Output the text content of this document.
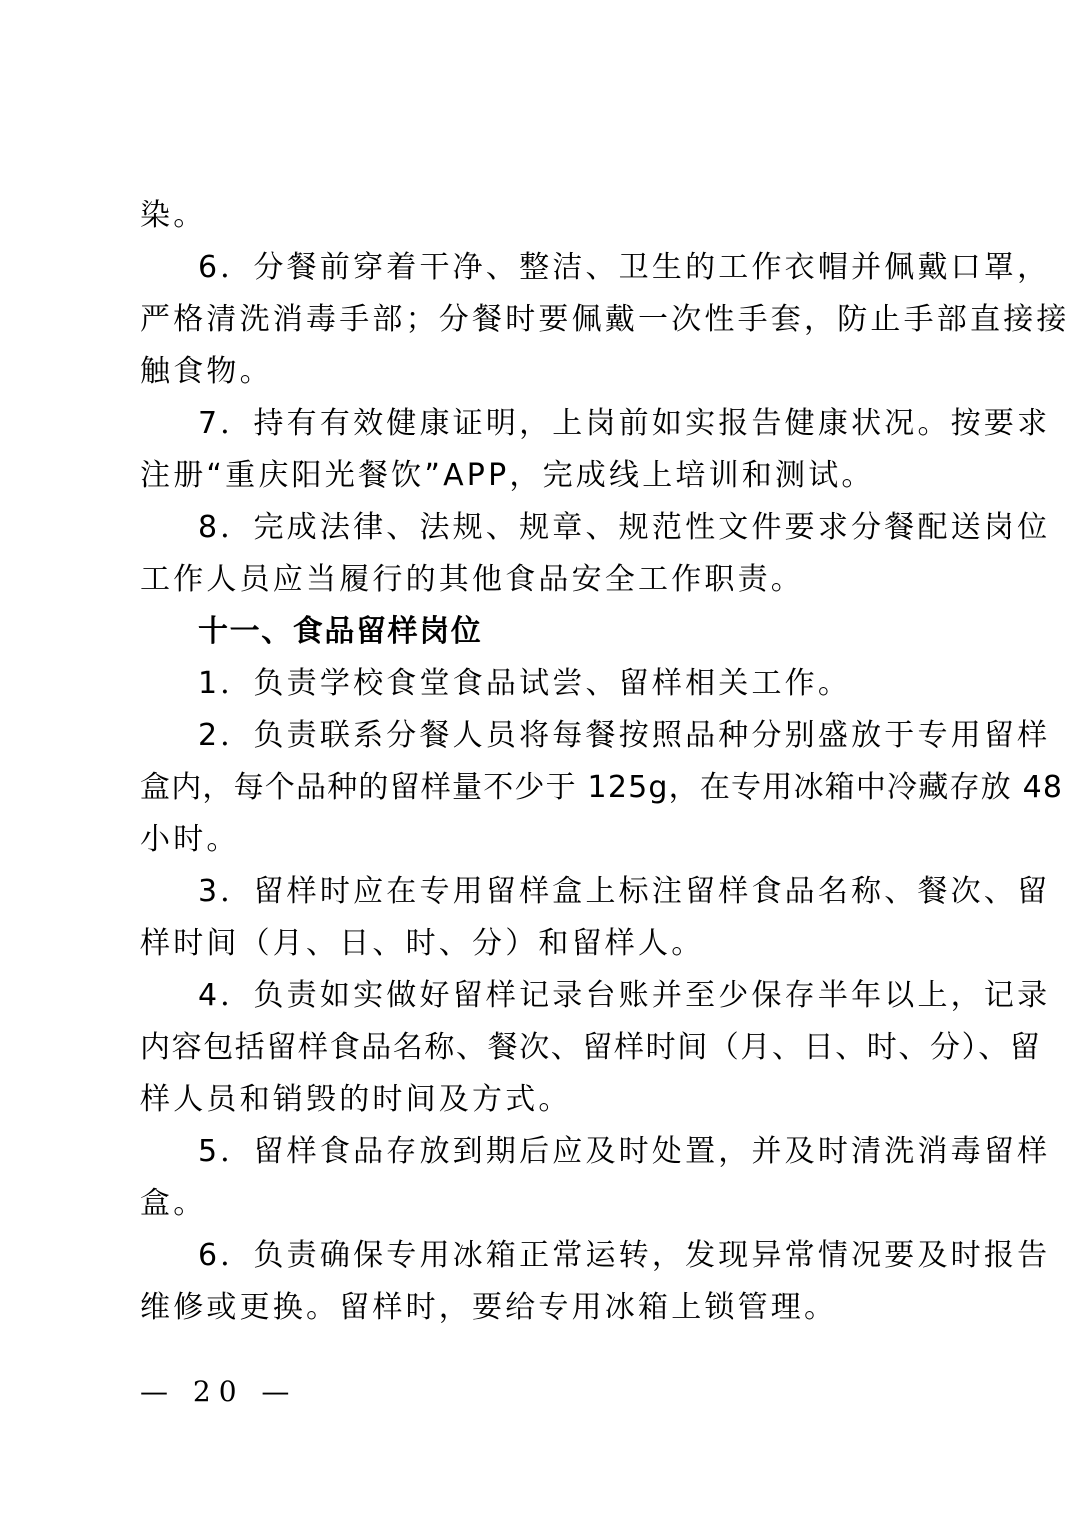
染。
6．分餐前穿着干净、整洁、卫生的工作衣帽并佩戴口罩，
严格清洗消毒手部；分餐时要佩戴一次性手套，防止手部直接接
触食物。
7．持有有效健康证明，上岗前如实报告健康状况。按要求
注册“重庆阳光餐饮”APP，完成线上培训和测试。
8．完成法律、法规、规章、规范性文件要求分餐配送岗位
工作人员应当履行的其他食品安全工作职责。
十一、食品留样岗位
1．负责学校食堂食品试尝、留样相关工作。
2．负责联系分餐人员将每餐按照品种分别盛放于专用留样
盒内，每个品种的留样量不少于 125g，在专用冰箱中冷藏存放 48
小时。
3．留样时应在专用留样盒上标注留样食品名称、餐次、留
样时间（月、日、时、分）和留样人。
4．负责如实做好留样记录台账并至少保存半年以上，记录
内容包括留样食品名称、餐次、留样时间（月、日、时、分）、留
样人员和销毁的时间及方式。
5．留样食品存放到期后应及时处置，并及时清洗消毒留样
盒。
6．负责确保专用冰箱正常运转，发现异常情况要及时报告
维修或更换。留样时，要给专用冰箱上锁管理。
— 20 —
